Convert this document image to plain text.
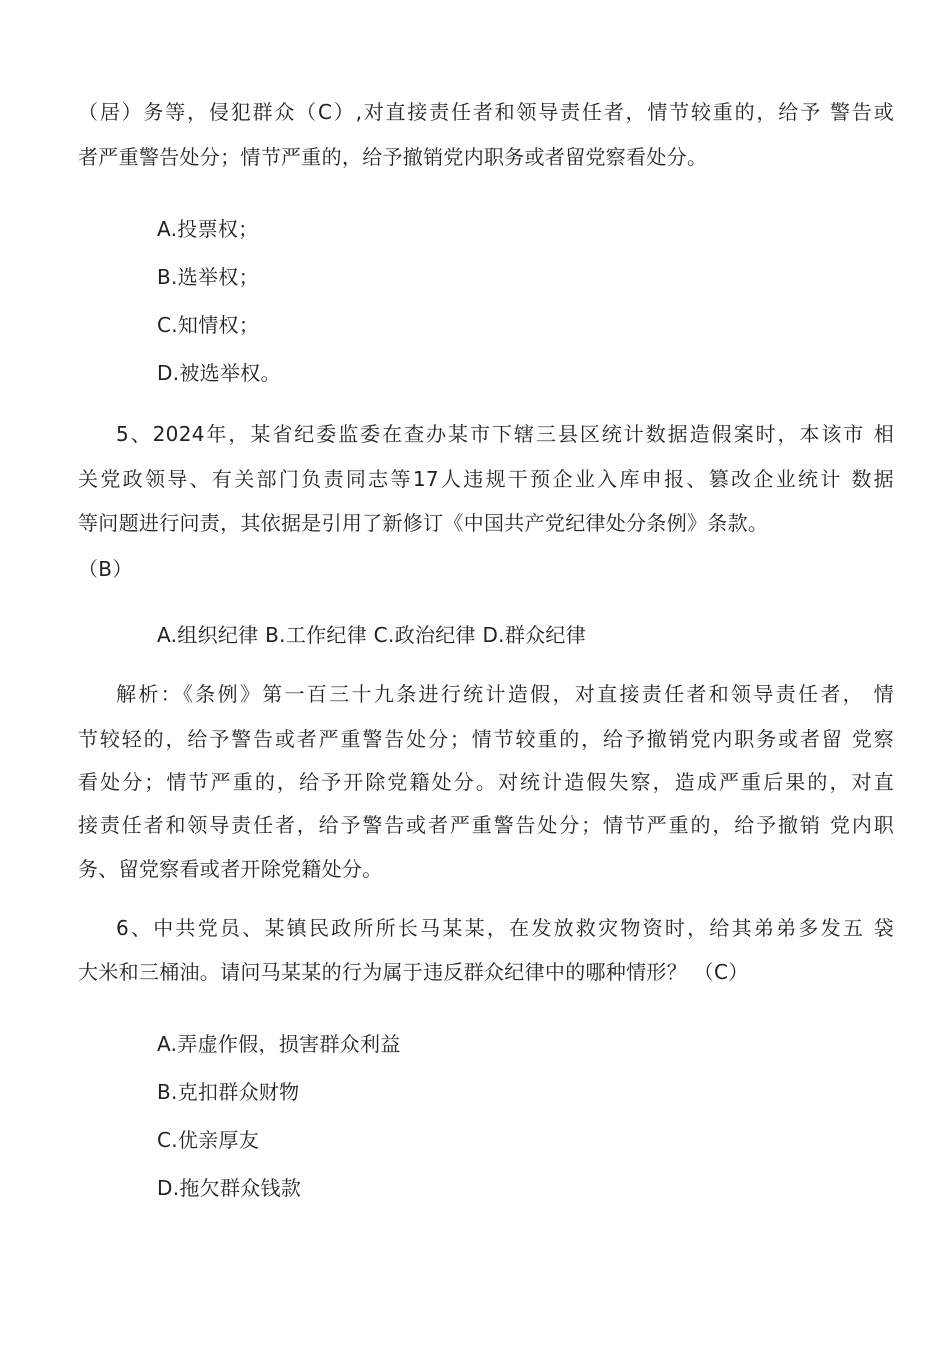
（居）务等，侵犯群众（C）,对直接责任者和领导责任者，情节较重的，给予 警告或
者严重警告处分；情节严重的，给予撤销党内职务或者留党察看处分。
A.投票权；
B.选举权；
C.知情权；
D.被选举权。
5、2024年，某省纪委监委在查办某市下辖三县区统计数据造假案时，本该市 相
关党政领导、有关部门负责同志等17人违规干预企业入库申报、篡改企业统计 数据
等问题进行问责，其依据是引用了新修订《中国共产党纪律处分条例》条款。
（B）
A.组织纪律 B.工作纪律 C.政治纪律 D.群众纪律
解析：《条例》第一百三十九条进行统计造假，对直接责任者和领导责任者， 情
节较轻的，给予警告或者严重警告处分；情节较重的，给予撤销党内职务或者留 党察
看处分；情节严重的，给予开除党籍处分。对统计造假失察，造成严重后果的，对直
接责任者和领导责任者，给予警告或者严重警告处分；情节严重的，给予撤销 党内职
务、留党察看或者开除党籍处分。
6、中共党员、某镇民政所所长马某某，在发放救灾物资时，给其弟弟多发五 袋
大米和三桶油。请问马某某的行为属于违反群众纪律中的哪种情形？ （C）
A.弄虚作假，损害群众利益
B.克扣群众财物
C.优亲厚友
D.拖欠群众钱款
